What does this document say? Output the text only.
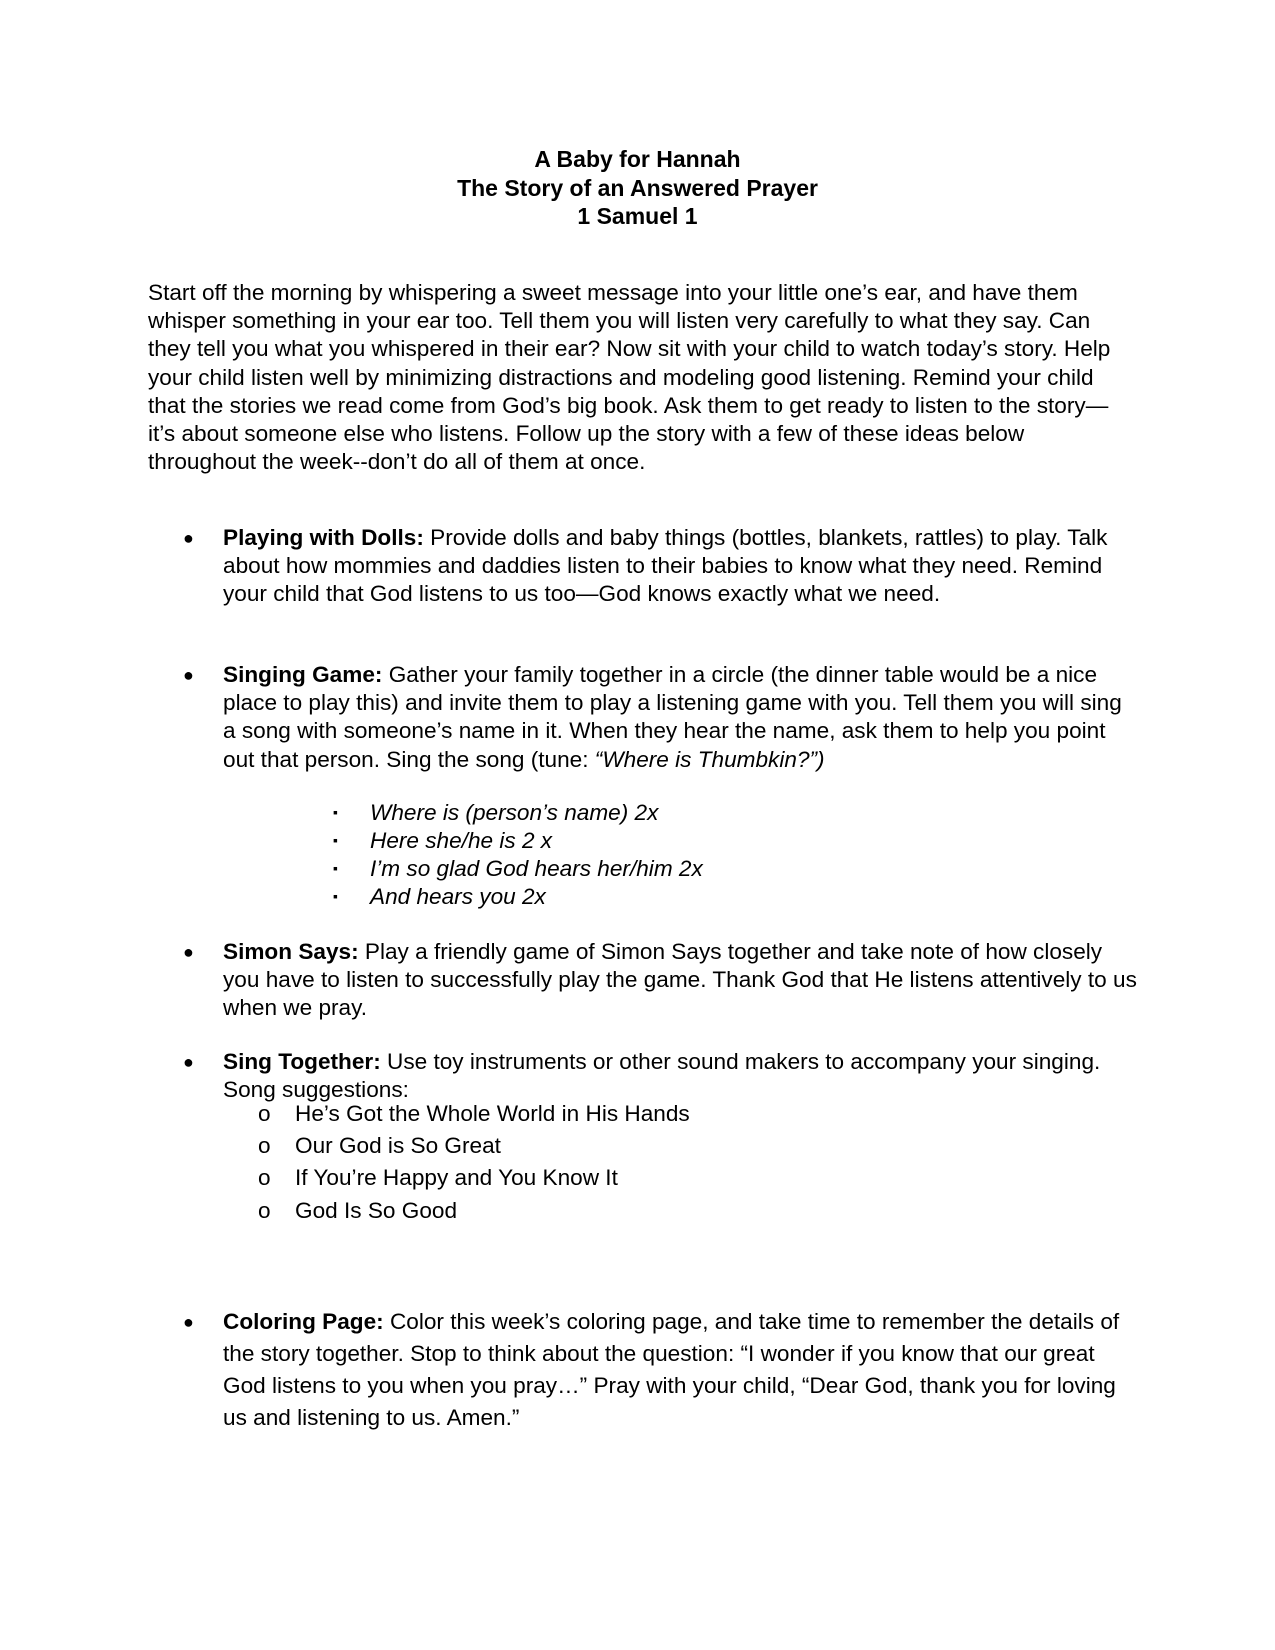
A Baby for Hannah
The Story of an Answered Prayer
1 Samuel 1

Start off the morning by whispering a sweet message into your little one’s ear, and have them whisper something in your ear too. Tell them you will listen very carefully to what they say. Can they tell you what you whispered in their ear? Now sit with your child to watch today’s story. Help your child listen well by minimizing distractions and modeling good listening. Remind your child that the stories we read come from God’s big book. Ask them to get ready to listen to the story—it’s about someone else who listens. Follow up the story with a few of these ideas below throughout the week--don’t do all of them at once.

● Playing with Dolls: Provide dolls and baby things (bottles, blankets, rattles) to play. Talk about how mommies and daddies listen to their babies to know what they need. Remind your child that God listens to us too—God knows exactly what we need.
● Singing Game: Gather your family together in a circle (the dinner table would be a nice place to play this) and invite them to play a listening game with you. Tell them you will sing a song with someone’s name in it. When they hear the name, ask them to help you point out that person. Sing the song (tune: “Where is Thumbkin?”)
▪ Where is (person’s name) 2x
▪ Here she/he is 2 x
▪ I’m so glad God hears her/him 2x
▪ And hears you 2x
● Simon Says: Play a friendly game of Simon Says together and take note of how closely you have to listen to successfully play the game. Thank God that He listens attentively to us when we pray.
● Sing Together: Use toy instruments or other sound makers to accompany your singing. Song suggestions:
o He’s Got the Whole World in His Hands
o Our God is So Great
o If You’re Happy and You Know It
o God Is So Good
● Coloring Page: Color this week’s coloring page, and take time to remember the details of the story together. Stop to think about the question: “I wonder if you know that our great God listens to you when you pray…” Pray with your child, “Dear God, thank you for loving us and listening to us. Amen.”
